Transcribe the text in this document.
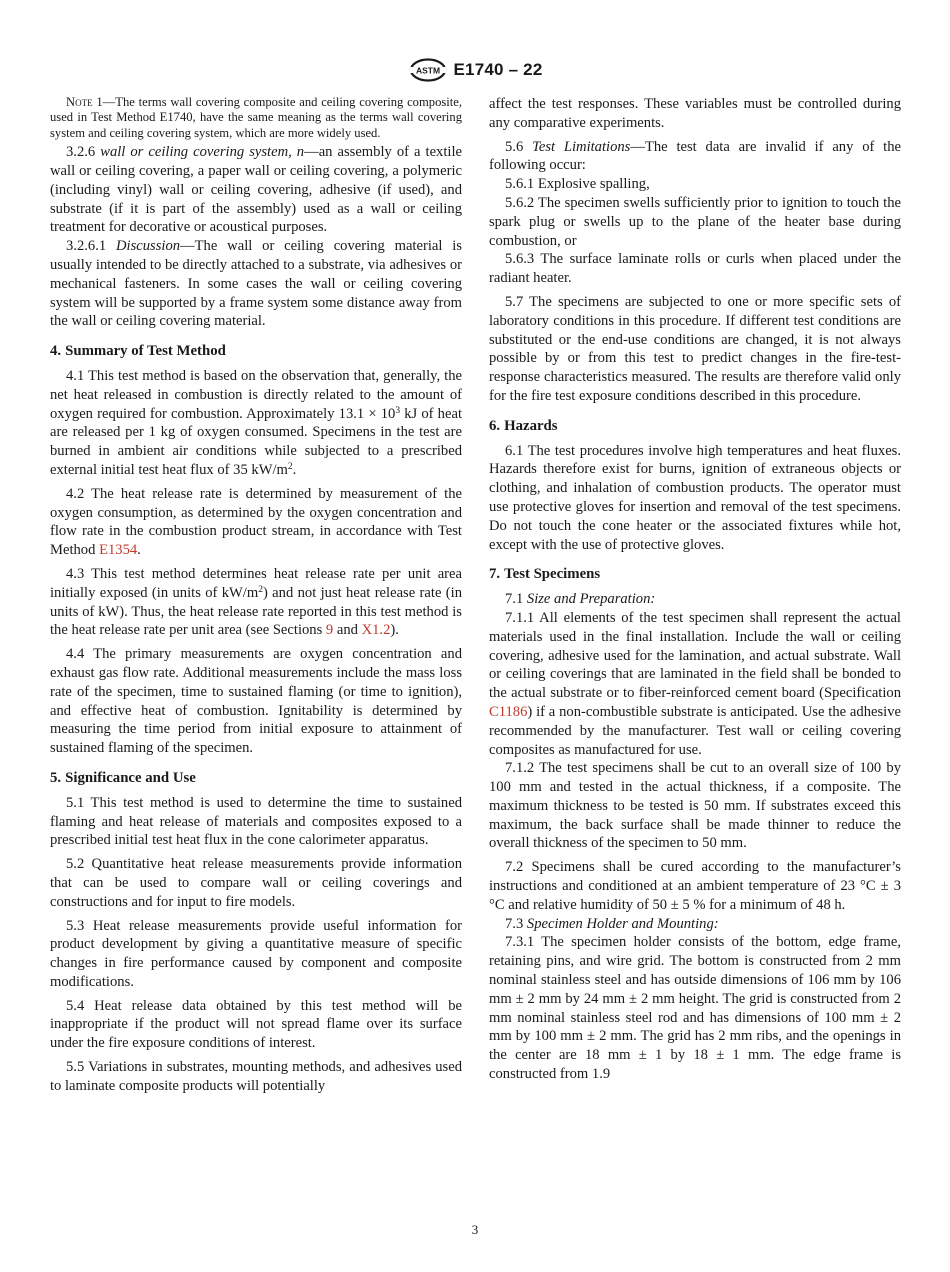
ASTM E1740 – 22

Note 1—The terms wall covering composite and ceiling covering composite, used in Test Method E1740, have the same meaning as the terms wall covering system and ceiling covering system, which are more widely used.

3.2.6 wall or ceiling covering system, n—an assembly of a textile wall or ceiling covering, a paper wall or ceiling covering, a polymeric (including vinyl) wall or ceiling covering, adhesive (if used), and substrate (if it is part of the assembly) used as a wall or ceiling treatment for decorative or acoustical purposes.

3.2.6.1 Discussion—The wall or ceiling covering material is usually intended to be directly attached to a substrate, via adhesives or mechanical fasteners. In some cases the wall or ceiling covering system will be supported by a frame system some distance away from the wall or ceiling covering material.

4. Summary of Test Method

4.1 This test method is based on the observation that, generally, the net heat released in combustion is directly related to the amount of oxygen required for combustion. Approximately $13.1 \times 10^3$ kJ of heat are released per 1 kg of oxygen consumed. Specimens in the test are burned in ambient air conditions while subjected to a prescribed external initial test heat flux of 35 $kW/m^2$.

4.2 The heat release rate is determined by measurement of the oxygen consumption, as determined by the oxygen concentration and flow rate in the combustion product stream, in accordance with Test Method E1354.

4.3 This test method determines heat release rate per unit area initially exposed (in units of $kW/m^2$) and not just heat release rate (in units of kW). Thus, the heat release rate reported in this test method is the heat release rate per unit area (see Sections 9 and X1.2).

4.4 The primary measurements are oxygen concentration and exhaust gas flow rate. Additional measurements include the mass loss rate of the specimen, time to sustained flaming (or time to ignition), and effective heat of combustion. Ignitability is determined by measuring the time period from initial exposure to attainment of sustained flaming of the specimen.

5. Significance and Use

5.1 This test method is used to determine the time to sustained flaming and heat release of materials and composites exposed to a prescribed initial test heat flux in the cone calorimeter apparatus.

5.2 Quantitative heat release measurements provide information that can be used to compare wall or ceiling coverings and constructions and for input to fire models.

5.3 Heat release measurements provide useful information for product development by giving a quantitative measure of specific changes in fire performance caused by component and composite modifications.

5.4 Heat release data obtained by this test method will be inappropriate if the product will not spread flame over its surface under the fire exposure conditions of interest.

5.5 Variations in substrates, mounting methods, and adhesives used to laminate composite products will potentially

affect the test responses. These variables must be controlled during any comparative experiments.

5.6 Test Limitations—The test data are invalid if any of the following occur:

5.6.1 Explosive spalling,

5.6.2 The specimen swells sufficiently prior to ignition to touch the spark plug or swells up to the plane of the heater base during combustion, or

5.6.3 The surface laminate rolls or curls when placed under the radiant heater.

5.7 The specimens are subjected to one or more specific sets of laboratory conditions in this procedure. If different test conditions are substituted or the end-use conditions are changed, it is not always possible by or from this test to predict changes in the fire-test-response characteristics measured. The results are therefore valid only for the fire test exposure conditions described in this procedure.

6. Hazards

6.1 The test procedures involve high temperatures and heat fluxes. Hazards therefore exist for burns, ignition of extraneous objects or clothing, and inhalation of combustion products. The operator must use protective gloves for insertion and removal of the test specimens. Do not touch the cone heater or the associated fixtures while hot, except with the use of protective gloves.

7. Test Specimens

7.1 Size and Preparation:

7.1.1 All elements of the test specimen shall represent the actual materials used in the final installation. Include the wall or ceiling covering, adhesive used for the lamination, and actual substrate. Wall or ceiling coverings that are laminated in the field shall be bonded to the actual substrate or to fiber-reinforced cement board (Specification C1186) if a non-combustible substrate is anticipated. Use the adhesive recommended by the manufacturer. Test wall or ceiling covering composites as manufactured for use.

7.1.2 The test specimens shall be cut to an overall size of 100 by 100 mm and tested in the actual thickness, if a composite. The maximum thickness to be tested is 50 mm. If substrates exceed this maximum, the back surface shall be made thinner to reduce the overall thickness of the specimen to 50 mm.

7.2 Specimens shall be cured according to the manufacturer’s instructions and conditioned at an ambient temperature of 23 °C ± 3 °C and relative humidity of 50 ± 5 % for a minimum of 48 h.

7.3 Specimen Holder and Mounting:

7.3.1 The specimen holder consists of the bottom, edge frame, retaining pins, and wire grid. The bottom is constructed from 2 mm nominal stainless steel and has outside dimensions of 106 mm by 106 mm ± 2 mm by 24 mm ± 2 mm height. The grid is constructed from 2 mm nominal stainless steel rod and has dimensions of 100 mm ± 2 mm by 100 mm ± 2 mm. The grid has 2 mm ribs, and the openings in the center are 18 mm ± 1 by 18 ± 1 mm. The edge frame is constructed from 1.9

3
